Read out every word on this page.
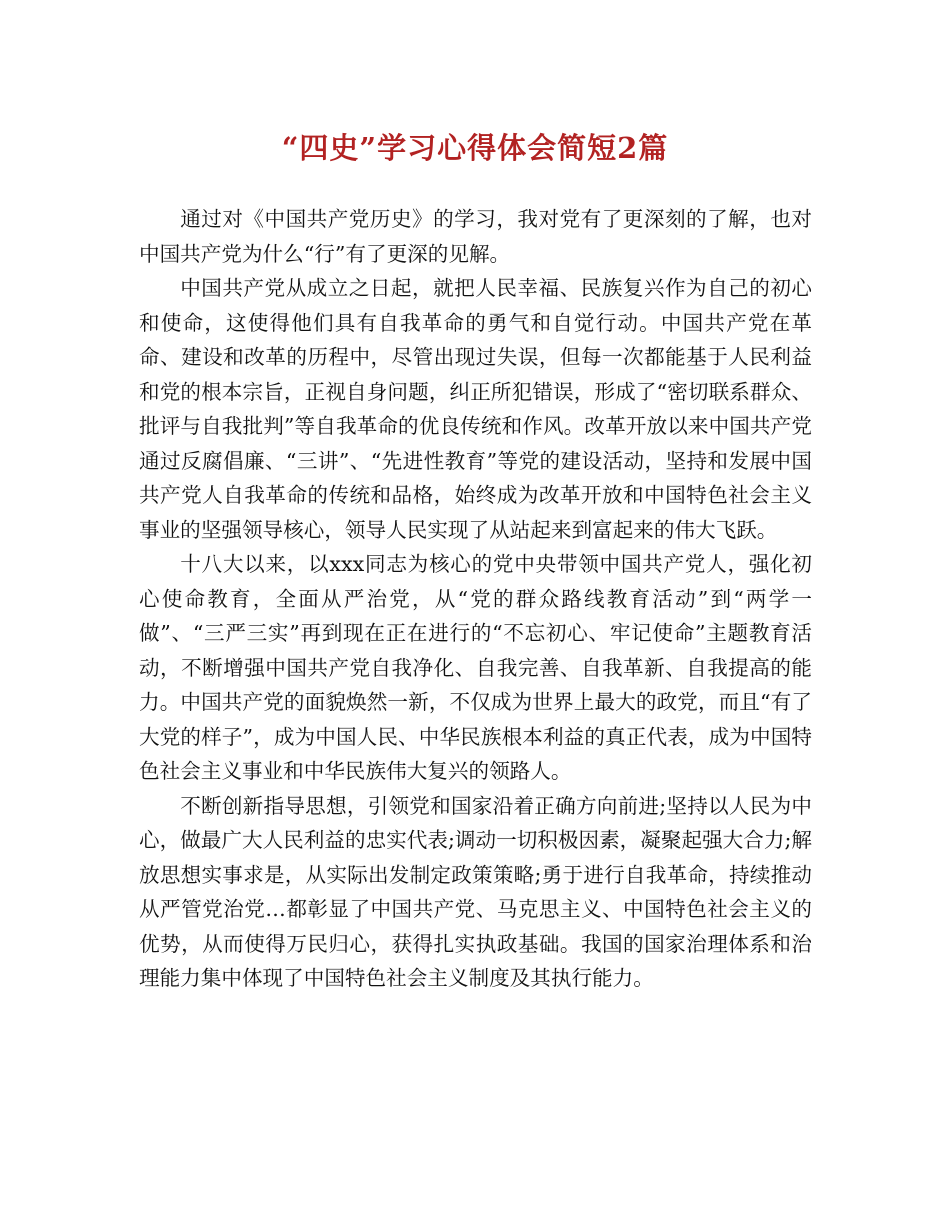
“四史”学习心得体会简短2篇

通过对《中国共产党历史》的学习，我对党有了更深刻的了解，也对中国共产党为什么“行”有了更深的见解。

中国共产党从成立之日起，就把人民幸福、民族复兴作为自己的初心和使命，这使得他们具有自我革命的勇气和自觉行动。中国共产党在革命、建设和改革的历程中，尽管出现过失误，但每一次都能基于人民利益和党的根本宗旨，正视自身问题，纠正所犯错误，形成了“密切联系群众、批评与自我批判”等自我革命的优良传统和作风。改革开放以来中国共产党通过反腐倡廉、“三讲”、“先进性教育”等党的建设活动，坚持和发展中国共产党人自我革命的传统和品格，始终成为改革开放和中国特色社会主义事业的坚强领导核心，领导人民实现了从站起来到富起来的伟大飞跃。

十八大以来，以xxx同志为核心的党中央带领中国共产党人，强化初心使命教育，全面从严治党，从“党的群众路线教育活动”到“两学一做”、“三严三实”再到现在正在进行的“不忘初心、牢记使命”主题教育活动，不断增强中国共产党自我净化、自我完善、自我革新、自我提高的能力。中国共产党的面貌焕然一新，不仅成为世界上最大的政党，而且“有了大党的样子”，成为中国人民、中华民族根本利益的真正代表，成为中国特色社会主义事业和中华民族伟大复兴的领路人。

不断创新指导思想，引领党和国家沿着正确方向前进;坚持以人民为中心，做最广大人民利益的忠实代表;调动一切积极因素，凝聚起强大合力;解放思想实事求是，从实际出发制定政策策略;勇于进行自我革命，持续推动从严管党治党…都彰显了中国共产党、马克思主义、中国特色社会主义的优势，从而使得万民归心，获得扎实执政基础。我国的国家治理体系和治理能力集中体现了中国特色社会主义制度及其执行能力。
